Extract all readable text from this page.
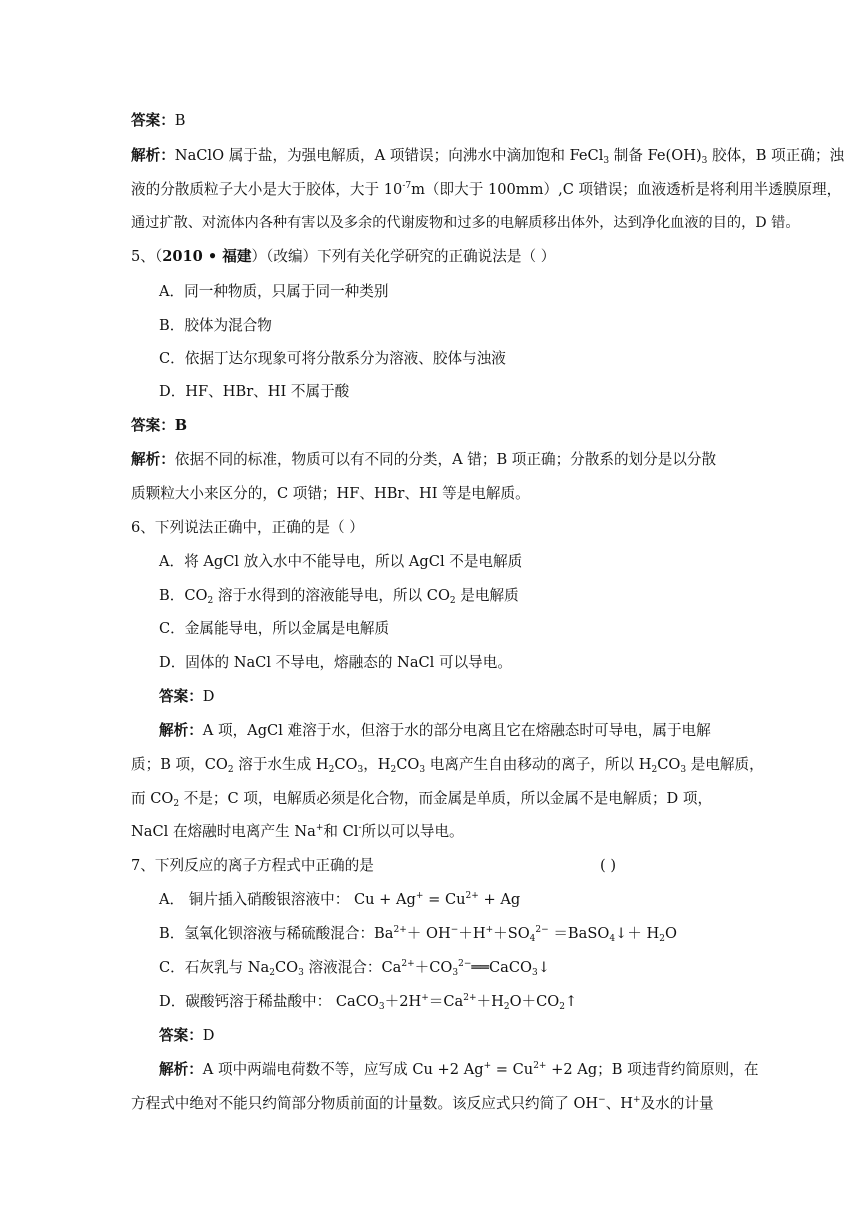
答案：B
解析：NaClO 属于盐，为强电解质，A 项错误；向沸水中滴加饱和 FeCl$_3$ 制备 $Fe(OH)_3$ 胶体，B 项正确；浊
液的分散质粒子大小是大于胶体，大于 $10^{-7}m$（即大于 100mm）,C 项错误；血液透析是将利用半透膜原理，
通过扩散、对流体内各种有害以及多余的代谢废物和过多的电解质移出体外，达到净化血液的目的，D 错。
5、（2010 • 福建）（改编）下列有关化学研究的正确说法是（ ）
A．同一种物质，只属于同一种类别
B．胶体为混合物
C．依据丁达尔现象可将分散系分为溶液、胶体与浊液
D．HF、HBr、HI 不属于酸
答案：B
解析：依据不同的标准，物质可以有不同的分类，A 错；B 项正确；分散系的划分是以分散
质颗粒大小来区分的，C 项错；HF、HBr、HI 等是电解质。
6、下列说法正确中，正确的是（ ）
A．将 AgCl 放入水中不能导电，所以 AgCl 不是电解质
B．$CO_2$ 溶于水得到的溶液能导电，所以 $CO_2$ 是电解质
C．金属能导电，所以金属是电解质
D．固体的 NaCl 不导电，熔融态的 NaCl 可以导电。
答案：D
解析：A 项，AgCl 难溶于水，但溶于水的部分电离且它在熔融态时可导电，属于电解
质；B 项，$CO_2$ 溶于水生成 $H_2CO_3$，$H_2CO_3$ 电离产生自由移动的离子，所以 $H_2CO_3$ 是电解质，
而 $CO_2$ 不是；C 项，电解质必须是化合物，而金属是单质，所以金属不是电解质；D 项，
NaCl 在熔融时电离产生 Na+和 Cl-所以可以导电。
7、下列反应的离子方程式中正确的是	( )
A． 铜片插入硝酸银溶液中： $Cu + Ag^+ = Cu^{2+} + Ag$
B．氢氧化钡溶液与稀硫酸混合：$Ba^{2+}+ OH^-+H^++SO_4^{2-}$ ＝BaSO$_4$↓＋ $H_2O$
C．石灰乳与 $Na_2CO_3$ 溶液混合：$Ca^{2+}+CO_3^{2-}══CaCO_3↓$
D．碳酸钙溶于稀盐酸中： $CaCO_3+2H^+=Ca^{2+}+H_2O+CO_2↑$
答案：D
解析：A 项中两端电荷数不等，应写成 Cu +2 $Ag^+ = Cu^{2+} +2$ Ag；B 项违背约简原则，在
方程式中绝对不能只约简部分物质前面的计量数。该反应式只约简了 OH−、H+及水的计量
